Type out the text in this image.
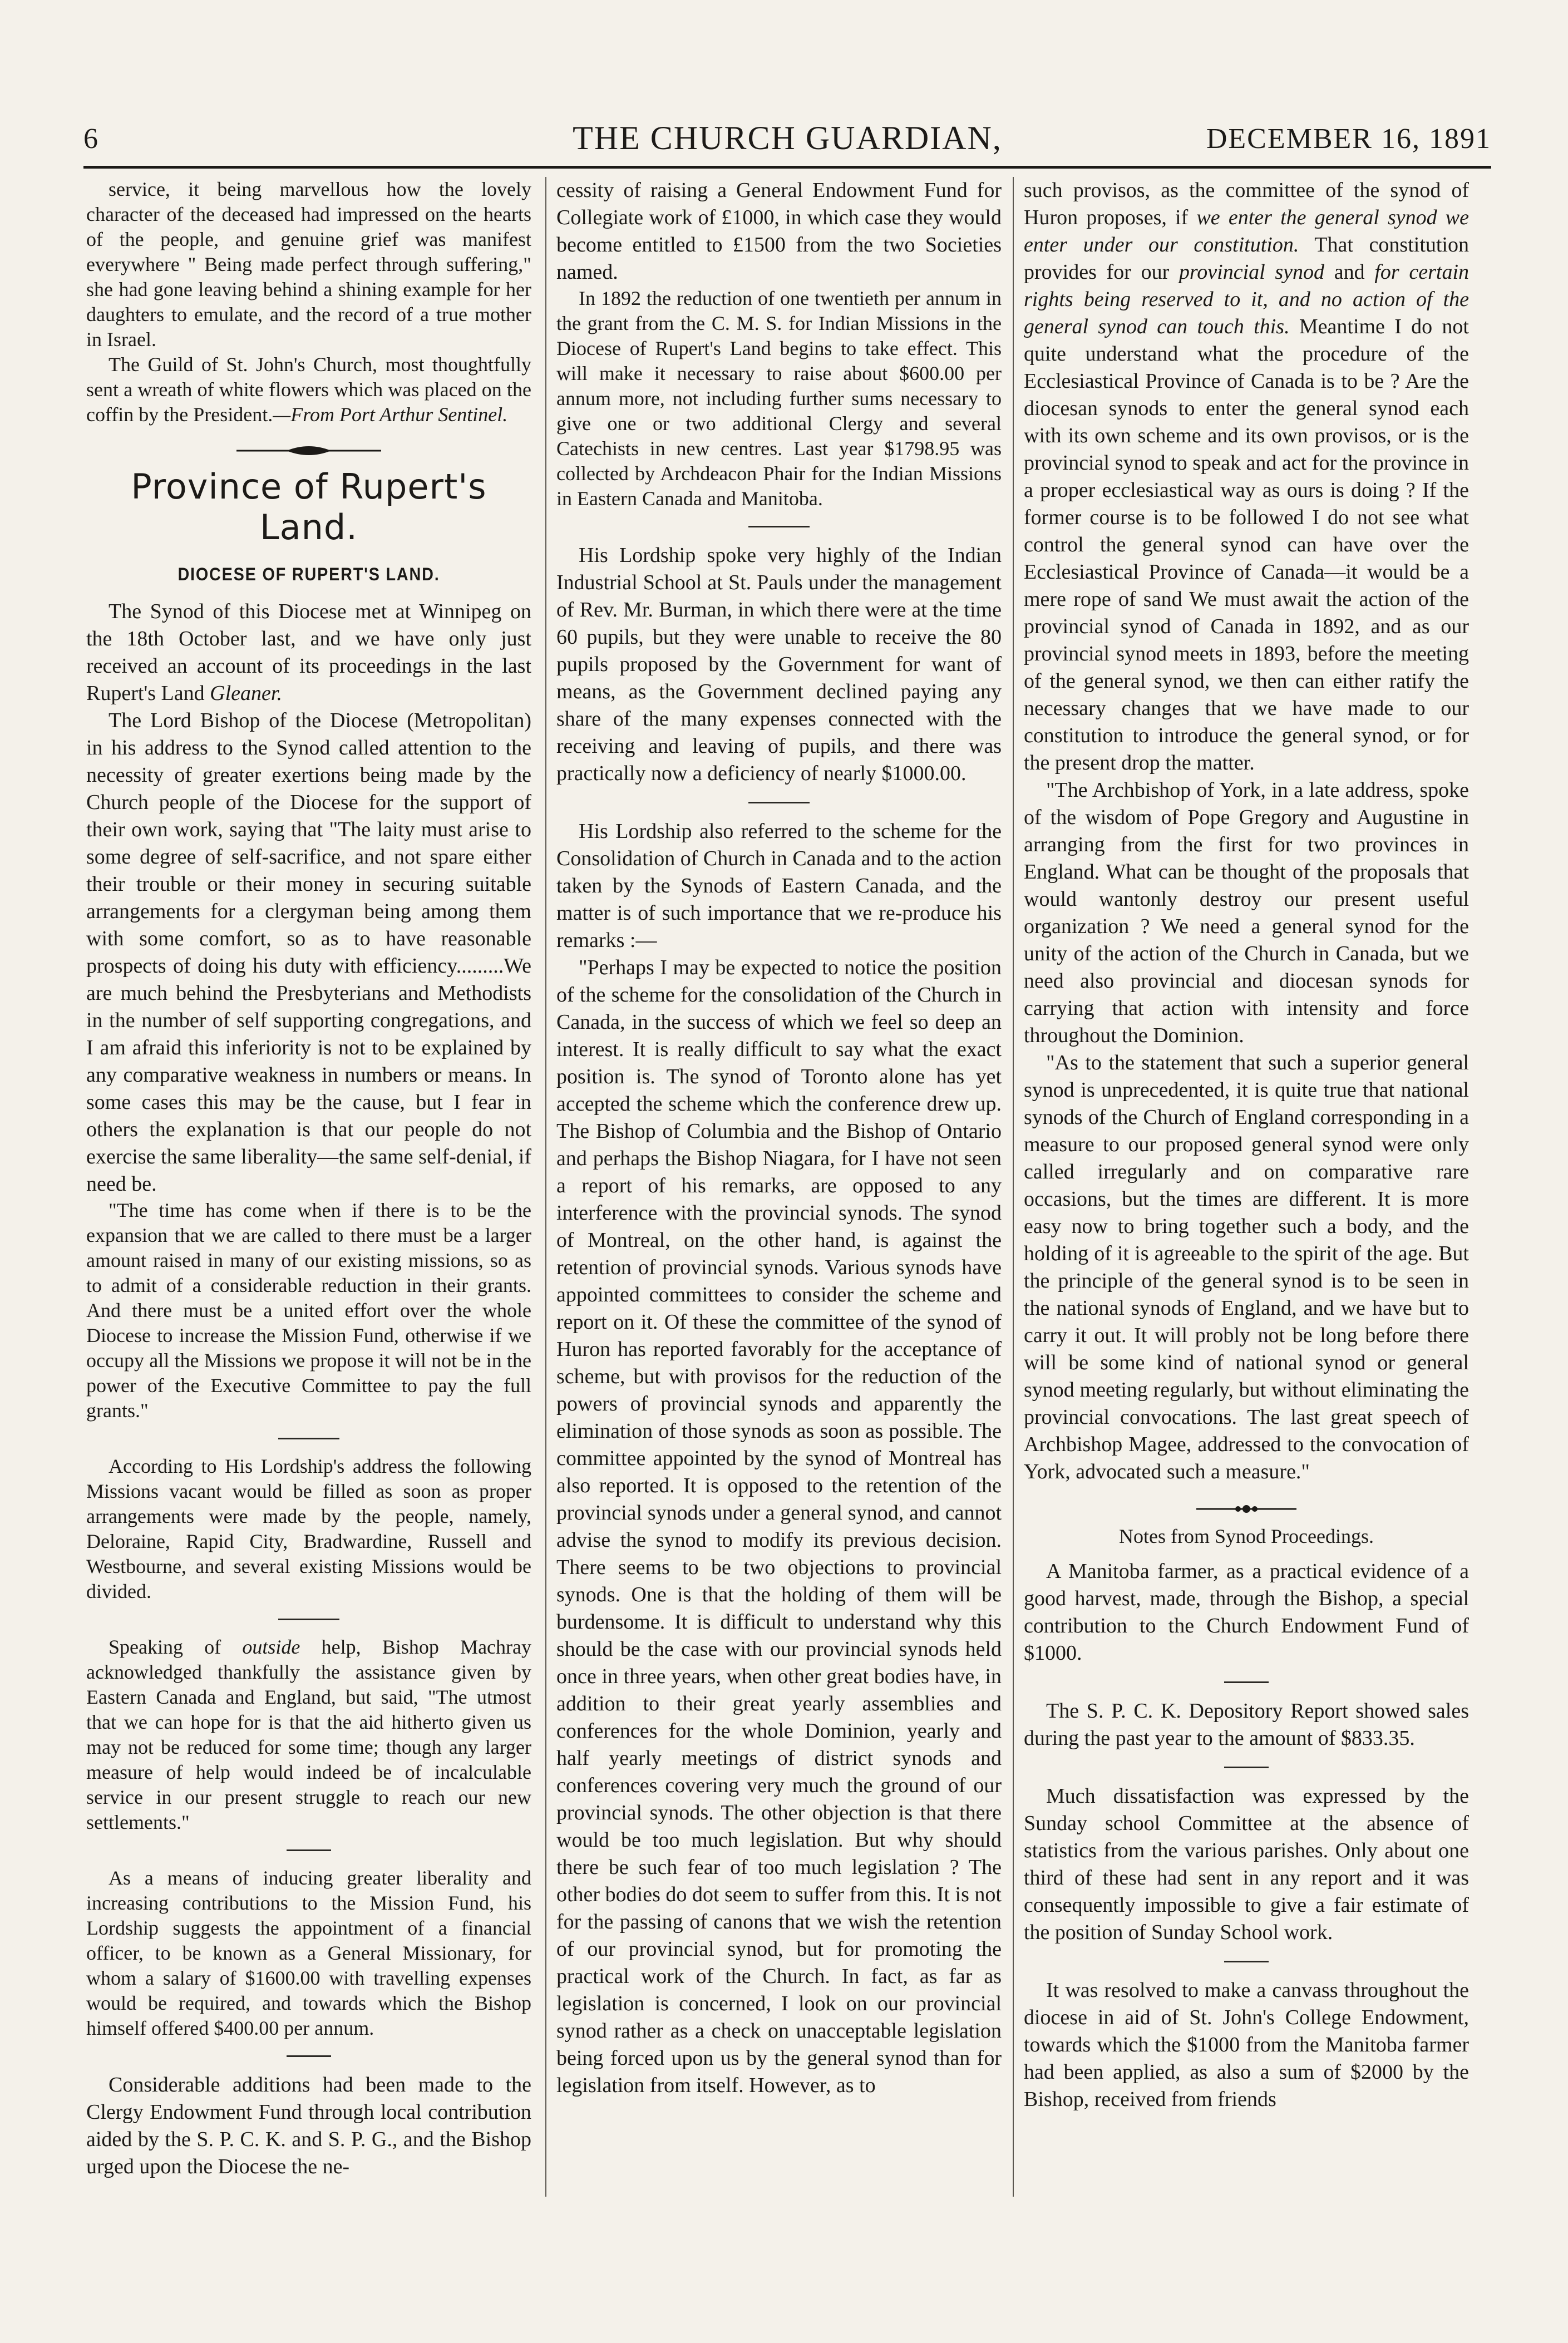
6	THE CHURCH GUARDIAN,	DECEMBER 16, 1891

service, it being marvellous how the lovely character of the deceased had impressed on the hearts of the people, and genuine grief was manifest everywhere " Being made perfect through suffering," she had gone leaving behind a shining example for her daughters to emulate, and the record of a true mother in Israel.

The Guild of St. John's Church, most thoughtfully sent a wreath of white flowers which was placed on the coffin by the President.—From Port Arthur Sentinel.

Province of Rupert's Land.
DIOCESE OF RUPERT'S LAND.

The Synod of this Diocese met at Winnipeg on the 18th October last, and we have only just received an account of its proceedings in the last Rupert's Land Gleaner.

The Lord Bishop of the Diocese (Metropolitan) in his address to the Synod called attention to the necessity of greater exertions being made by the Church people of the Diocese for the support of their own work, saying that "The laity must arise to some degree of self-sacrifice, and not spare either their trouble or their money in securing suitable arrangements for a clergyman being among them with some comfort, so as to have reasonable prospects of doing his duty with efficiency.........We are much behind the Presbyterians and Methodists in the number of self supporting congregations, and I am afraid this inferiority is not to be explained by any comparative weakness in numbers or means. In some cases this may be the cause, but I fear in others the explanation is that our people do not exercise the same liberality—the same self-denial, if need be.

"The time has come when if there is to be the expansion that we are called to there must be a larger amount raised in many of our existing missions, so as to admit of a considerable reduction in their grants. And there must be a united effort over the whole Diocese to increase the Mission Fund, otherwise if we occupy all the Missions we propose it will not be in the power of the Executive Committee to pay the full grants."

According to His Lordship's address the following Missions vacant would be filled as soon as proper arrangements were made by the people, namely, Deloraine, Rapid City, Bradwardine, Russell and Westbourne, and several existing Missions would be divided.

Speaking of outside help, Bishop Machray acknowledged thankfully the assistance given by Eastern Canada and England, but said, "The utmost that we can hope for is that the aid hitherto given us may not be reduced for some time; though any larger measure of help would indeed be of incalculable service in our present struggle to reach our new settlements."

As a means of inducing greater liberality and increasing contributions to the Mission Fund, his Lordship suggests the appointment of a financial officer, to be known as a General Missionary, for whom a salary of $1600.00 with travelling expenses would be required, and towards which the Bishop himself offered $400.00 per annum.

Considerable additions had been made to the Clergy Endowment Fund through local contribution aided by the S. P. C. K. and S. P. G., and the Bishop urged upon the Diocese the ne-

cessity of raising a General Endowment Fund for Collegiate work of £1000, in which case they would become entitled to £1500 from the two Societies named.

In 1892 the reduction of one twentieth per annum in the grant from the C. M. S. for Indian Missions in the Diocese of Rupert's Land begins to take effect. This will make it necessary to raise about $600.00 per annum more, not including further sums necessary to give one or two additional Clergy and several Catechists in new centres. Last year $1798.95 was collected by Archdeacon Phair for the Indian Missions in Eastern Canada and Manitoba.

His Lordship spoke very highly of the Indian Industrial School at St. Pauls under the management of Rev. Mr. Burman, in which there were at the time 60 pupils, but they were unable to receive the 80 pupils proposed by the Government for want of means, as the Government declined paying any share of the many expenses connected with the receiving and leaving of pupils, and there was practically now a deficiency of nearly $1000.00.

His Lordship also referred to the scheme for the Consolidation of Church in Canada and to the action taken by the Synods of Eastern Canada, and the matter is of such importance that we re-produce his remarks :—

"Perhaps I may be expected to notice the position of the scheme for the consolidation of the Church in Canada, in the success of which we feel so deep an interest. It is really difficult to say what the exact position is. The synod of Toronto alone has yet accepted the scheme which the conference drew up. The Bishop of Columbia and the Bishop of Ontario and perhaps the Bishop Niagara, for I have not seen a report of his remarks, are opposed to any interference with the provincial synods. The synod of Montreal, on the other hand, is against the retention of provincial synods. Various synods have appointed committees to consider the scheme and report on it. Of these the committee of the synod of Huron has reported favorably for the acceptance of scheme, but with provisos for the reduction of the powers of provincial synods and apparently the elimination of those synods as soon as possible. The committee appointed by the synod of Montreal has also reported. It is opposed to the retention of the provincial synods under a general synod, and cannot advise the synod to modify its previous decision. There seems to be two objections to provincial synods. One is that the holding of them will be burdensome. It is difficult to understand why this should be the case with our provincial synods held once in three years, when other great bodies have, in addition to their great yearly assemblies and conferences for the whole Dominion, yearly and half yearly meetings of district synods and conferences covering very much the ground of our provincial synods. The other objection is that there would be too much legislation. But why should there be such fear of too much legislation ? The other bodies do dot seem to suffer from this. It is not for the passing of canons that we wish the retention of our provincial synod, but for promoting the practical work of the Church. In fact, as far as legislation is concerned, I look on our provincial synod rather as a check on unacceptable legislation being forced upon us by the general synod than for legislation from itself. However, as to

such provisos, as the committee of the synod of Huron proposes, if we enter the general synod we enter under our constitution. That constitution provides for our provincial synod and for certain rights being reserved to it, and no action of the general synod can touch this. Meantime I do not quite understand what the procedure of the Ecclesiastical Province of Canada is to be ? Are the diocesan synods to enter the general synod each with its own scheme and its own provisos, or is the provincial synod to speak and act for the province in a proper ecclesiastical way as ours is doing ? If the former course is to be followed I do not see what control the general synod can have over the Ecclesiastical Province of Canada—it would be a mere rope of sand We must await the action of the provincial synod of Canada in 1892, and as our provincial synod meets in 1893, before the meeting of the general synod, we then can either ratify the necessary changes that we have made to our constitution to introduce the general synod, or for the present drop the matter.

"The Archbishop of York, in a late address, spoke of the wisdom of Pope Gregory and Augustine in arranging from the first for two provinces in England. What can be thought of the proposals that would wantonly destroy our present useful organization ? We need a general synod for the unity of the action of the Church in Canada, but we need also provincial and diocesan synods for carrying that action with intensity and force throughout the Dominion.

"As to the statement that such a superior general synod is unprecedented, it is quite true that national synods of the Church of England corresponding in a measure to our proposed general synod were only called irregularly and on comparative rare occasions, but the times are different. It is more easy now to bring together such a body, and the holding of it is agreeable to the spirit of the age. But the principle of the general synod is to be seen in the national synods of England, and we have but to carry it out. It will probly not be long before there will be some kind of national synod or general synod meeting regularly, but without eliminating the provincial convocations. The last great speech of Archbishop Magee, addressed to the convocation of York, advocated such a measure."

Notes from Synod Proceedings.

A Manitoba farmer, as a practical evidence of a good harvest, made, through the Bishop, a special contribution to the Church Endowment Fund of $1000.

The S. P. C. K. Depository Report showed sales during the past year to the amount of $833.35.

Much dissatisfaction was expressed by the Sunday school Committee at the absence of statistics from the various parishes. Only about one third of these had sent in any report and it was consequently impossible to give a fair estimate of the position of Sunday School work.

It was resolved to make a canvass throughout the diocese in aid of St. John's College Endowment, towards which the $1000 from the Manitoba farmer had been applied, as also a sum of $2000 by the Bishop, received from friends
